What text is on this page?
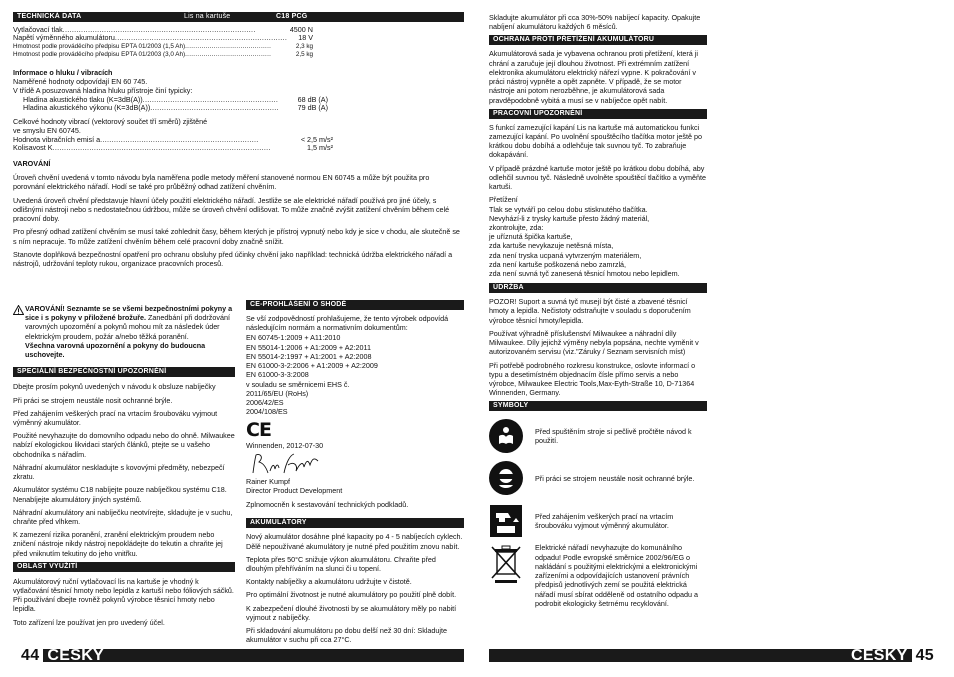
TECHNICKÁ DATA	Lis na kartuše	C18 PCG
Vytlačovací tlak ....................................................................................	4500 N
Napětí výměnného akumulátoru ...........................................................................	18 V
Hmotnost podle prováděcího předpisu EPTA 01/2003 (1,5 Ah) ..........................................	2,3 kg
Hmotnost podle prováděcího předpisu EPTA 01/2003 (3,0 Ah) ..........................................	2,5 kg
Informace o hluku / vibracích
Naměřené hodnoty odpovídají EN 60 745.
V třídě A posuzovaná hladina hluku přístroje činí typicky:
Hladina akustického tlaku (K=3dB(A)) ...........................................................	68 dB (A)
Hladina akustického výkonu (K=3dB(A)) ........................................................	79 dB (A)
Celkové hodnoty vibrací (vektorový součet tří směrů) zjištěné
ve smyslu EN 60745.
Hodnota vibračních emisí a .....................................................................	< 2,5 m/s²
Kolisavost K ...............................................................................................	1,5 m/s²
VAROVÁNÍ
Úroveň chvění uvedená v tomto návodu byla naměřena podle metody měření stanovené normou EN 60745 a může být použita pro porovnání elektrického nářadí. Hodí se také pro průběžný odhad zatížení chvěním.
Uvedená úroveň chvění představuje hlavní účely použití elektrického nářadí. Jestliže se ale elektrické nářadí používá pro jiné účely, s odlišnými nástroji nebo s nedostatečnou údržbou, může se úroveň chvění odlišovat. To může značně zvýšit zatížení chvěním během celé pracovní doby.
Pro přesný odhad zatížení chvěním se musí také zohlednit časy, během kterých je přístroj vypnutý nebo kdy je sice v chodu, ale skutečně se s ním nepracuje. To může zatížení chvěním během celé pracovní doby značně snížit.
Stanovte doplňková bezpečnostní opatření pro ochranu obsluhy před účinky chvění jako například: technická údržba elektrického nářadí a nástrojů, udržování teploty rukou, organizace pracovních procesů.
VAROVÁNÍ! Seznamte se se všemi bezpečnostními pokyny a sice i s pokyny v přiložené brožuře. Zanedbání při dodržování varovných upozornění a pokynů mohou mít za následek úder elektrickým proudem, požár a/nebo těžká poranění.
Všechna varovná upozornění a pokyny do budoucna uschovejte.
SPECIÁLNÍ BEZPEČNOSTNÍ UPOZORNĚNÍ
Dbejte prosím pokynů uvedených v návodu k obsluze nabíječky
Při práci se strojem neustále nosit ochranné brýle.
Před zahájením veškerých prací na vrtacím šroubováku vyjmout výměnný akumulátor.
Použité nevyhazujte do domovního odpadu nebo do ohně. Milwaukee nabízí ekologickou likvidaci starých článků, ptejte se u vašeho obchodníka s nářadím.
Náhradní akumulátor neskladujte s kovovými předměty, nebezpečí zkratu.
Akumulátor systému C18 nabíjejte pouze nabíječkou systému C18. Nenabíjejte akumulátory jiných systémů.
Náhradní akumulátory ani nabíječku neotvírejte, skladujte je v suchu, chraňte před vlhkem.
K zamezení rizika poranění, zranění elektrickým proudem nebo zničení nástroje nikdy nástroj nepokládejte do tekutin a chraňte jej před vniknutím tekutiny do jeho vnitřku.
OBLAST VYUŽITÍ
Akumulátorový ruční vytlačovací lis na kartuše je vhodný k vytlačování těsnicí hmoty nebo lepidla z kartuší nebo fóliových sáčků. Při používání dbejte rovněž pokynů výrobce těsnicí hmoty nebo lepidla.
Toto zařízení lze používat jen pro uvedený účel.
CE-PROHLÁŠENÍ O SHODĚ
Se vší zodpovědností prohlašujeme, že tento výrobek odpovídá následujícím normám a normativním dokumentům:
EN 60745-1:2009 + A11:2010
EN 55014-1:2006 + A1:2009 + A2:2011
EN 55014-2:1997 + A1:2001 + A2:2008
EN 61000-3-2:2006 + A1:2009 + A2:2009
EN 61000-3-3:2008
v souladu se směrnicemi EHS č.
2011/65/EU (RoHs)
2006/42/ES
2004/108/ES
CE
Winnenden, 2012-07-30
Rainer Kumpf
Director Product Development
Zplnomocněn k sestavování technických podkladů.
AKUMULÁTORY
Nový akumulátor dosáhne plné kapacity po 4 - 5 nabíjecích cyklech. Dělě nepoužívané akumulátory je nutné před použitím znovu nabít.
Teplota přes 50°C snižuje výkon akumulátoru. Chraňte před dlouhým přehříváním na slunci či u topení.
Kontakty nabíječky a akumulátoru udržujte v čistotě.
Pro optimální životnost je nutné akumulátory po použití plně dobít.
K zabezpečení dlouhé životnosti by se akumulátory měly po nabití vyjmout z nabíječky.
Při skladování akumulátoru po dobu delší než 30 dní: Skladujte akumulátor v suchu při cca 27°C.
44 ČESKY
Skladujte akumulátor při cca 30%-50% nabíjecí kapacity. Opakujte nabíjení akumulátoru každých 6 měsíců.
OCHRANA PROTI PŘETÍŽENÍ AKUMULÁTORU
Akumulátorová sada je vybavena ochranou proti přetížení, která ji chrání a zaručuje její dlouhou životnost. Při extrémním zatížení elektronika akumulátoru elektrický nářezí vypne. K pokračování v práci nástroj vypněte a opět zapněte. V případě, že se motor nástroje ani potom nerozběhne, je akumulátorová sada pravděpodobně vybitá a musí se v nabíječce opět nabít.
PRACOVNÍ UPOZORNĚNÍ
S funkcí zamezující kapání Lis na kartuše má automatickou funkci zamezující kapání. Po uvolnění spouštěcího tlačítka motor ještě po krátkou dobu dobíhá a odlehčuje tak suvnou tyč. To zabraňuje dokapávání.
V případě prázdné kartuše motor ještě po krátkou dobu dobíhá, aby odlehčil suvnou tyč. Následně uvolněte spouštěcí tlačítko a vyměňte kartuši.
Přetížení
Tlak se vytváří po celou dobu stisknutého tlačítka.
Nevyhází-li z trysky kartuše přesto žádný materiál,
zkontrolujte, zda:
je uříznutá špička kartuše,
zda kartuše nevykazuje netěsná místa,
zda není tryska ucpaná vytvrzeným materiálem,
zda není kartuše poškozená nebo zamrzlá,
zda není suvná tyč zanesená těsnicí hmotou nebo lepidlem.
ÚDRŽBA
POZOR! Suport a suvná tyč musejí být čisté a zbavené těsnicí hmoty a lepidla. Nečistoty odstraňujte v souladu s doporučením výrobce těsnicí hmoty/lepidla.
Používat výhradně příslušenství Milwaukee a náhradní díly Milwaukee. Díly jejichž výměny nebyla popsána, nechte vyměnit v autorizovaném servisu (viz."Záruky / Seznam servisních míst)
Při potřebě podrobného rozkresu konstrukce, oslovte informací o typu a desetimístném objednacím čísle přímo servis a nebo výrobce, Milwaukee Electric Tools,Max-Eyth-Straße 10, D-71364 Winnenden, Germany.
SYMBOLY
Před spuštěním stroje si pečlivě pročtěte návod k použití.
Při práci se strojem neustále nosit ochranné brýle.
Před zahájením veškerých prací na vrtacím šroubováku vyjmout výměnný akumulátor.
Elektrické nářadí nevyhazujte do komunálního odpadu! Podle evropské směrnice 2002/96/EG o nakládání s použitými elektrickými a elektronickými zařízeními a odpovídajících ustanovení právních předpisů jednotlivých zemí se použitá elektrická nářadí musí sbírat odděleně od ostatního odpadu a podrobit ekologicky šetrnému recyklování.
ČESKY 45
